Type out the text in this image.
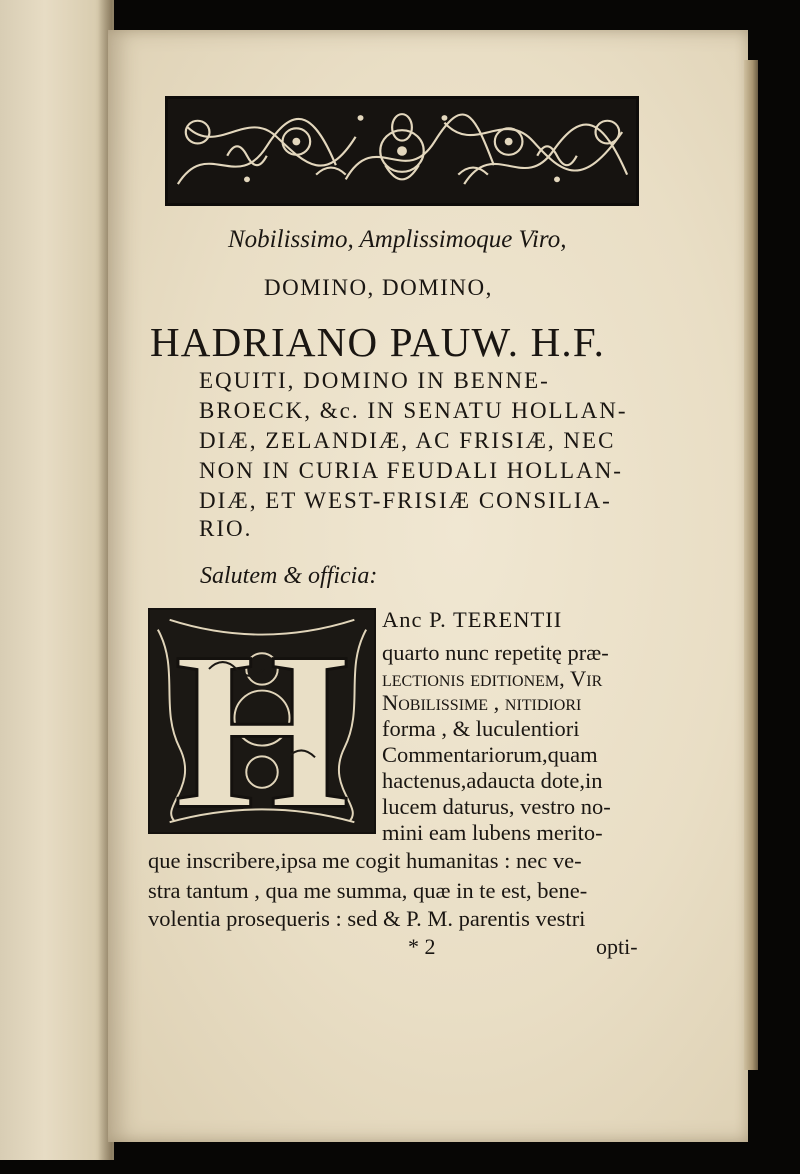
Nobilissimo, Amplissimoque Viro,
DOMINO, DOMINO,
HADRIANO PAUW. H.F.
EQUITI, DOMINO IN BENNE-
BROECK, &c. IN SENATU HOLLAN-
DIÆ, ZELANDIÆ, AC FRISIÆ, NEC
NON IN CURIA FEUDALI HOLLAN-
DIÆ, ET WEST-FRISIÆ CONSILIA-
RIO.
Salutem & officia:
H Anc P. TERENTII
quarto nunc repetitę præ-
lectionis editionem, Vir
Nobilissime , nitidiori
forma , & luculentiori
Commentariorum,quam
hactenus,adaucta dote,in
lucem daturus, vestro no-
mini eam lubens merito-
que inscribere,ipsa me cogit humanitas : nec ve-
stra tantum , qua me summa, quæ in te est, bene-
volentia prosequeris : sed & P. M. parentis vestri
* 2	opti-
